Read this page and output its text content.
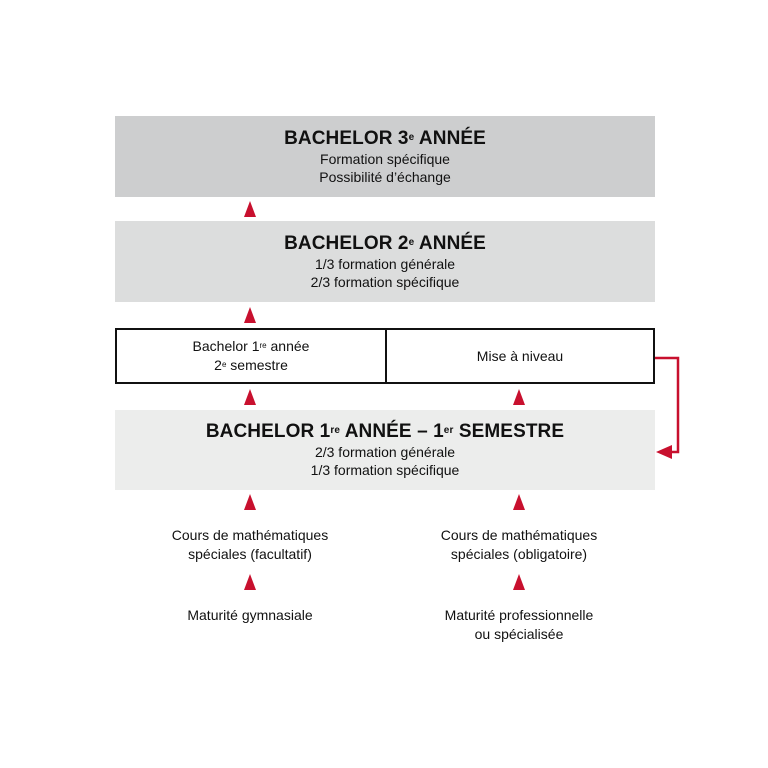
BACHELOR 3e ANNÉE
Formation spécifique
Possibilité d’échange
BACHELOR 2e ANNÉE
1/3 formation générale
2/3 formation spécifique
Bachelor 1re année
2e semestre
Mise à niveau
BACHELOR 1re ANNÉE – 1er SEMESTRE
2/3 formation générale
1/3 formation spécifique
Cours de mathématiques
spéciales (facultatif)
Maturité gymnasiale
Cours de mathématiques
spéciales (obligatoire)
Maturité professionnelle
ou spécialisée
